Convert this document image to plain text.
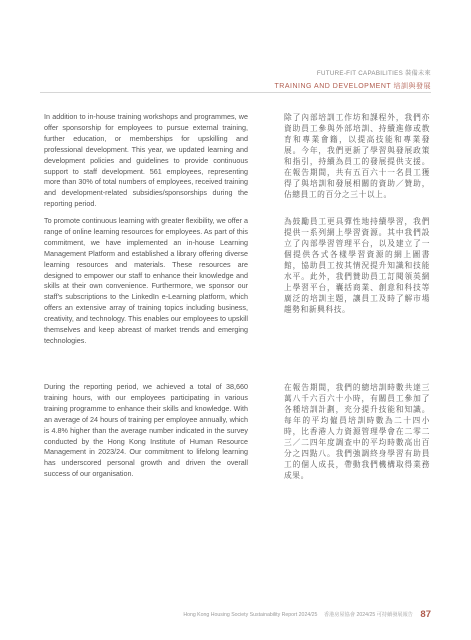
FUTURE-FIT CAPABILITIES 裝備未來
TRAINING AND DEVELOPMENT 培訓與發展

In addition to in-house training workshops and programmes, we offer sponsorship for employees to pursue external training, further education, or memberships for upskilling and professional development. This year, we updated learning and development policies and guidelines to provide continuous support to staff development. 561 employees, representing more than 30% of total numbers of employees, received training and development-related subsidies/sponsorships during the reporting period.

To promote continuous learning with greater flexibility, we offer a range of online learning resources for employees. As part of this commitment, we have implemented an in-house Learning Management Platform and established a library offering diverse learning resources and materials. These resources are designed to empower our staff to enhance their knowledge and skills at their own convenience. Furthermore, we sponsor our staff’s subscriptions to the LinkedIn e-Learning platform, which offers an extensive array of training topics including business, creativity, and technology. This enables our employees to upskill themselves and keep abreast of market trends and emerging technologies.

During the reporting period, we achieved a total of 38,660 training hours, with our employees participating in various training programme to enhance their skills and knowledge. With an average of 24 hours of training per employee annually, which is 4.8% higher than the average number indicated in the survey conducted by the Hong Kong Institute of Human Resource Management in 2023/24. Our commitment to lifelong learning has underscored personal growth and driven the overall success of our organisation.

除了內部培訓工作坊和課程外，我們亦資助員工參與外部培訓、持續進修或教育和專業會籍，以提高技能和專業發展。今年，我們更新了學習與發展政策和指引，持續為員工的發展提供支援。在報告期間，共有五百六十一名員工獲得了與培訓和發展相關的資助／贊助，佔總員工的百分之三十以上。

為鼓勵員工更具彈性地持續學習，我們提供一系列網上學習資源。其中我們設立了內部學習管理平台，以及建立了一個提供各式各樣學習資源的網上圖書館，協助員工按其情況提升知識和技能水平。此外，我們贊助員工訂閱領英網上學習平台，囊括商業、創意和科技等廣泛的培訓主題，讓員工及時了解市場趨勢和新興科技。

在報告期間，我們的總培訓時數共達三萬八千六百六十小時，有關員工參加了各種培訓計劃，充分提升技能和知識。每年的平均僱員培訓時數為二十四小時，比香港人力資源管理學會在二零二三／二四年度調查中的平均時數高出百分之四點八。我們強調終身學習有助員工的個人成長，帶動我們機構取得業務成果。

Hong Kong Housing Society Sustainability Report 2024/25 香港房屋協會 2024/25 可持續發展報告 87
